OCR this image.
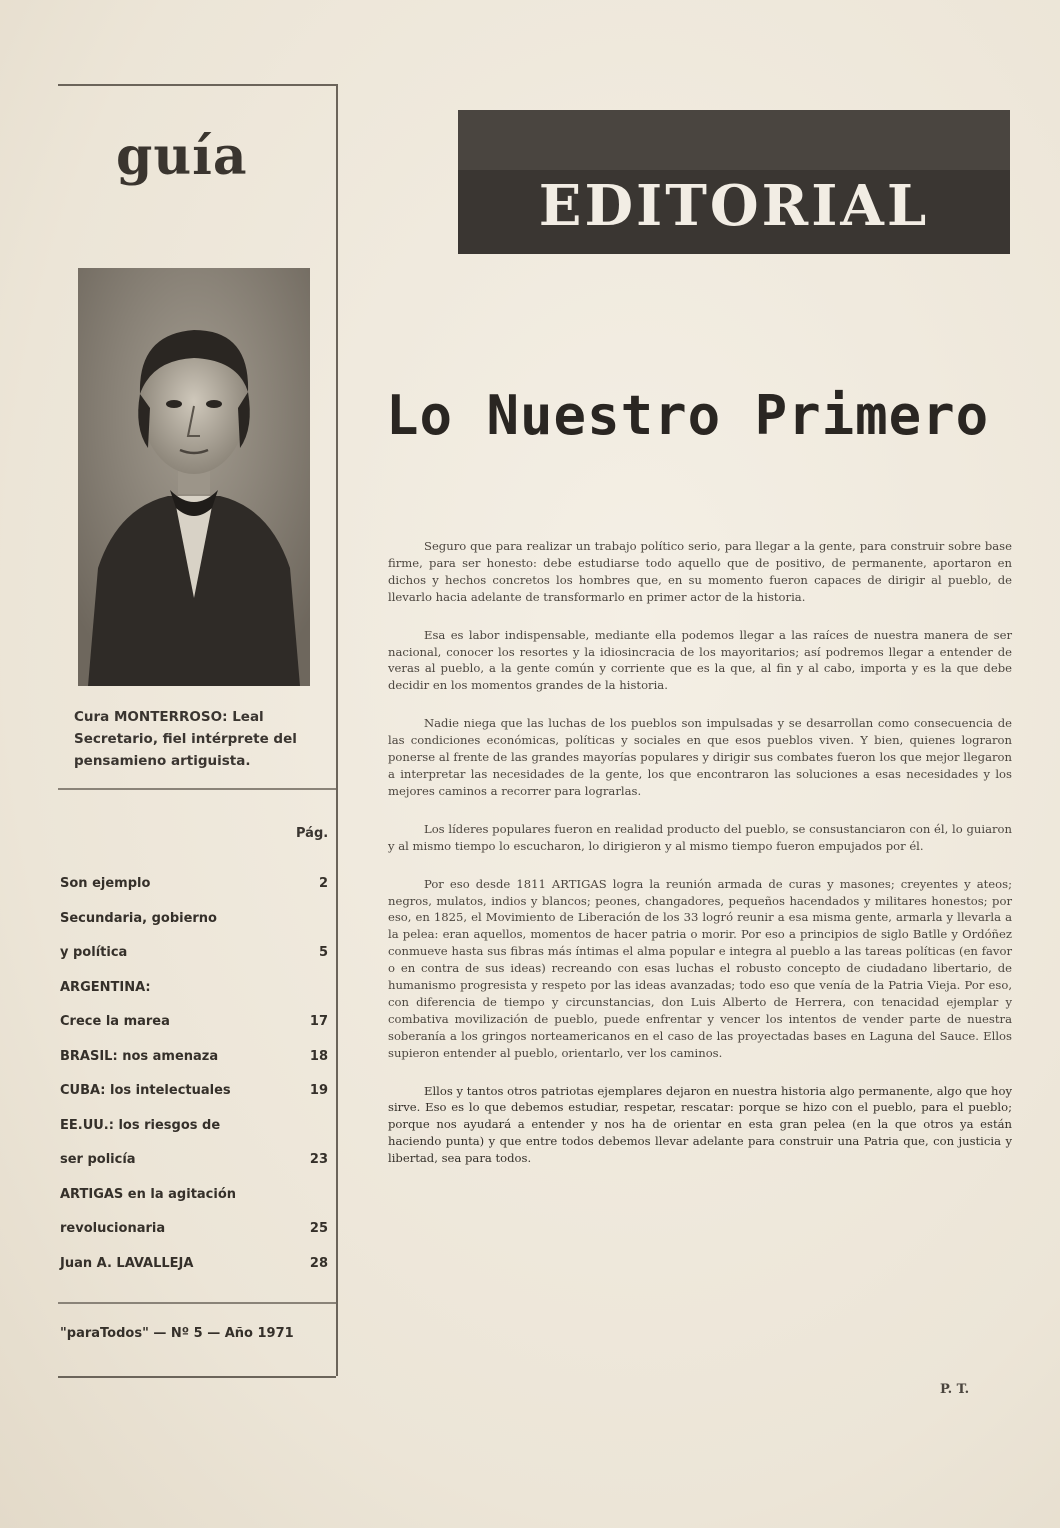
guía
Cura MONTERROSO: Leal Secretario, fiel intérprete del pensamieno artiguista.
Pág.
Son ejemplo	2
Secundaria, gobierno
y política	5
ARGENTINA:
Crece la marea	17
BRASIL: nos amenaza	18
CUBA: los intelectuales	19
EE.UU.: los riesgos de
ser policía	23
ARTIGAS en la agitación
revolucionaria	25
Juan A. LAVALLEJA	28
"paraTodos" — Nº 5 — Año 1971
EDITORIAL
Lo Nuestro Primero

Seguro que para realizar un trabajo político serio, para llegar a la gente, para construir sobre base firme, para ser honesto: debe estudiarse todo aquello que de positivo, de permanente, aportaron en dichos y hechos concretos los hombres que, en su momento fueron capaces de dirigir al pueblo, de llevarlo hacia adelante de transformarlo en primer actor de la historia.

Esa es labor indispensable, mediante ella podemos llegar a las raíces de nuestra manera de ser nacional, conocer los resortes y la idiosincracia de los mayoritarios; así podremos llegar a entender de veras al pueblo, a la gente común y corriente que es la que, al fin y al cabo, importa y es la que debe decidir en los momentos grandes de la historia.

Nadie niega que las luchas de los pueblos son impulsadas y se desarrollan como consecuencia de las condiciones económicas, políticas y sociales en que esos pueblos viven. Y bien, quienes lograron ponerse al frente de las grandes mayorías populares y dirigir sus combates fueron los que mejor llegaron a interpretar las necesidades de la gente, los que encontraron las soluciones a esas necesidades y los mejores caminos a recorrer para lograrlas.

Los líderes populares fueron en realidad producto del pueblo, se consustanciaron con él, lo guiaron y al mismo tiempo lo escucharon, lo dirigieron y al mismo tiempo fueron empujados por él.

Por eso desde 1811 ARTIGAS logra la reunión armada de curas y masones; creyentes y ateos; negros, mulatos, indios y blancos; peones, changadores, pequeños hacendados y militares honestos; por eso, en 1825, el Movimiento de Liberación de los 33 logró reunir a esa misma gente, armarla y llevarla a la pelea: eran aquellos, momentos de hacer patria o morir. Por eso a principios de siglo Batlle y Ordóñez conmueve hasta sus fibras más íntimas el alma popular e integra al pueblo a las tareas políticas (en favor o en contra de sus ideas) recreando con esas luchas el robusto concepto de ciudadano libertario, de humanismo progresista y respeto por las ideas avanzadas; todo eso que venía de la Patria Vieja. Por eso, con diferencia de tiempo y circunstancias, don Luis Alberto de Herrera, con tenacidad ejemplar y combativa movilización de pueblo, puede enfrentar y vencer los intentos de vender parte de nuestra soberanía a los gringos norteamericanos en el caso de las proyectadas bases en Laguna del Sauce. Ellos supieron entender al pueblo, orientarlo, ver los caminos.

Ellos y tantos otros patriotas ejemplares dejaron en nuestra historia algo permanente, algo que hoy sirve. Eso es lo que debemos estudiar, respetar, rescatar: porque se hizo con el pueblo, para el pueblo; porque nos ayudará a entender y nos ha de orientar en esta gran pelea (en la que otros ya están haciendo punta) y que entre todos debemos llevar adelante para construir una Patria que, con justicia y libertad, sea para todos.

P. T.
